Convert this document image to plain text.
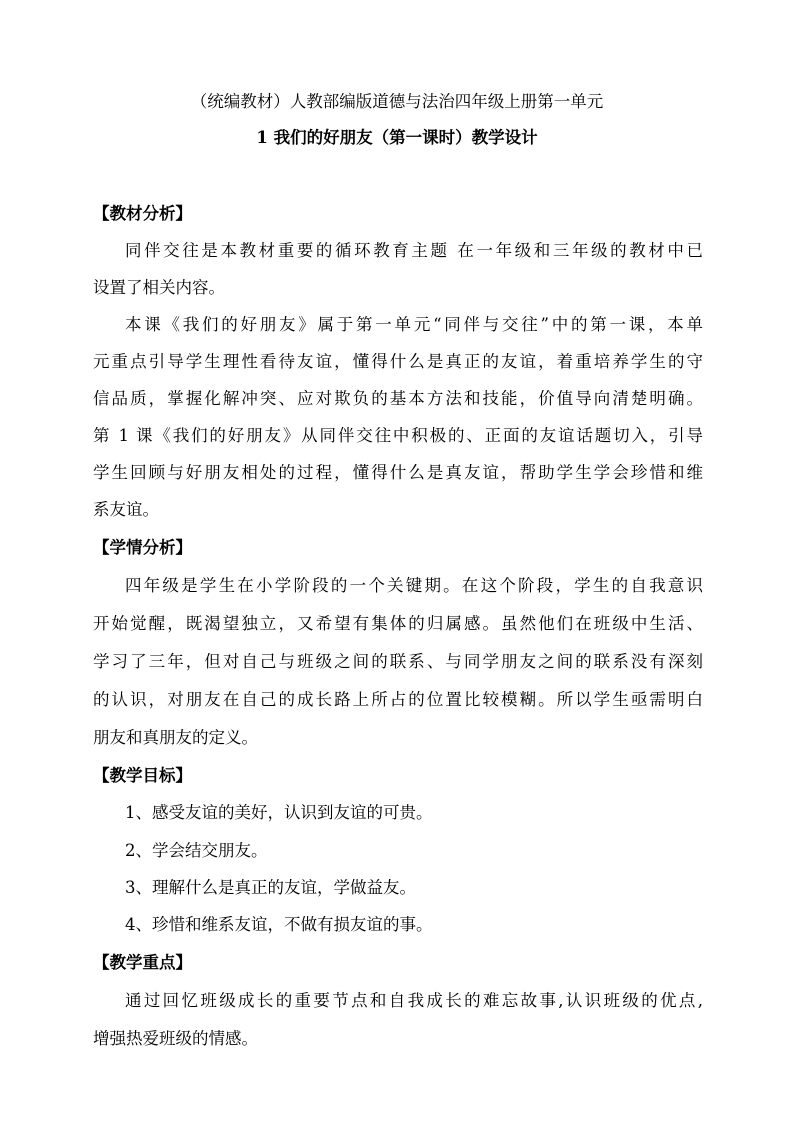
（统编教材）人教部编版道德与法治四年级上册第一单元
1 我们的好朋友（第一课时）教学设计
【教材分析】
同伴交往是本教材重要的循环教育主题 在一年级和三年级的教材中已
设置了相关内容。
本课《我们的好朋友》属于第一单元“同伴与交往”中的第一课，本单
元重点引导学生理性看待友谊，懂得什么是真正的友谊，着重培养学生的守
信品质，掌握化解冲突、应对欺负的基本方法和技能，价值导向清楚明确。
第 1 课《我们的好朋友》从同伴交往中积极的、正面的友谊话题切入，引导
学生回顾与好朋友相处的过程，懂得什么是真友谊，帮助学生学会珍惜和维
系友谊。
【学情分析】
四年级是学生在小学阶段的一个关键期。在这个阶段，学生的自我意识
开始觉醒，既渴望独立，又希望有集体的归属感。虽然他们在班级中生活、
学习了三年，但对自己与班级之间的联系、与同学朋友之间的联系没有深刻
的认识，对朋友在自己的成长路上所占的位置比较模糊。所以学生亟需明白
朋友和真朋友的定义。
【教学目标】
1、感受友谊的美好，认识到友谊的可贵。
2、学会结交朋友。
3、理解什么是真正的友谊，学做益友。
4、珍惜和维系友谊，不做有损友谊的事。
【教学重点】
通过回忆班级成长的重要节点和自我成长的难忘故事,认识班级的优点,
增强热爱班级的情感。
